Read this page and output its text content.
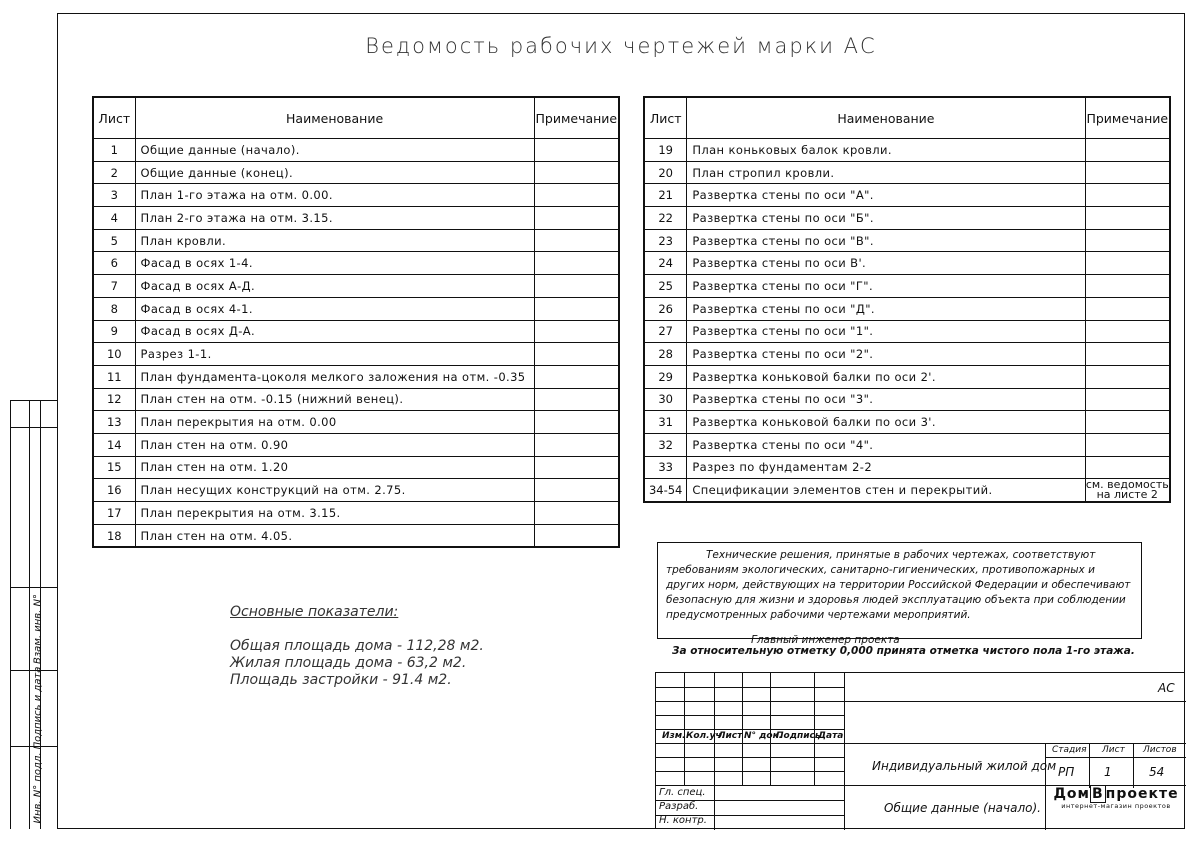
Взам. инв. N°
Подпись и дата
Инв. N° подл.
Ведомость рабочих чертежей марки АС
Лист	Наименование	Примечание
1	Общие данные (начало).	
2	Общие данные (конец).	
3	План 1-го этажа на отм. 0.00.	
4	План 2-го этажа на отм. 3.15.	
5	План кровли.	
6	Фасад в осях 1-4.	
7	Фасад в осях А-Д.	
8	Фасад в осях 4-1.	
9	Фасад в осях Д-А.	
10	Разрез 1-1.	
11	План фундамента-цоколя мелкого заложения на отм. -0.35	
12	План стен на отм. -0.15 (нижний венец).	
13	План перекрытия на отм. 0.00	
14	План стен на отм. 0.90	
15	План стен на отм. 1.20	
16	План несущих конструкций на отм. 2.75.	
17	План перекрытия на отм. 3.15.	
18	План стен на отм. 4.05.	
Лист	Наименование	Примечание
19	План коньковых балок кровли.	
20	План стропил кровли.	
21	Развертка стены по оси "А".	
22	Развертка стены по оси "Б".	
23	Развертка стены по оси "В".	
24	Развертка стены по оси В'.	
25	Развертка стены по оси "Г".	
26	Развертка стены по оси "Д".	
27	Развертка стены по оси "1".	
28	Развертка стены по оси "2".	
29	Развертка коньковой балки по оси 2'.	
30	Развертка стены по оси "3".	
31	Развертка коньковой балки по оси 3'.	
32	Развертка стены по оси "4".	
33	Разрез по фундаментам 2-2	
34-54	Спецификации элементов стен и перекрытий.	см. ведомость на листе 2
Основные показатели:
Общая площадь дома - 112,28 м2.
Жилая площадь дома - 63,2 м2.
Площадь застройки - 91.4 м2.
Технические решения, принятые в рабочих чертежах, соответствуют требованиям экологических, санитарно-гигиенических, противопожарных и других норм, действующих на территории Российской Федерации и обеспечивают безопасную для жизни и здоровья людей эксплуатацию объекта при соблюдении предусмотренных рабочими чертежами мероприятий.
Главный инженер проекта
За относительную отметку 0,000 принята отметка чистого пола 1-го этажа.
АС
Изм. Кол.уч.
Лист N° док.
Подпись
Дата
Гл. спец.
Разраб.
Н. контр.
Индивидуальный жилой дом
Общие данные (начало).
Стадия Лист Листов
РП 1	54
Дом В проекте
интернет-магазин проектов
